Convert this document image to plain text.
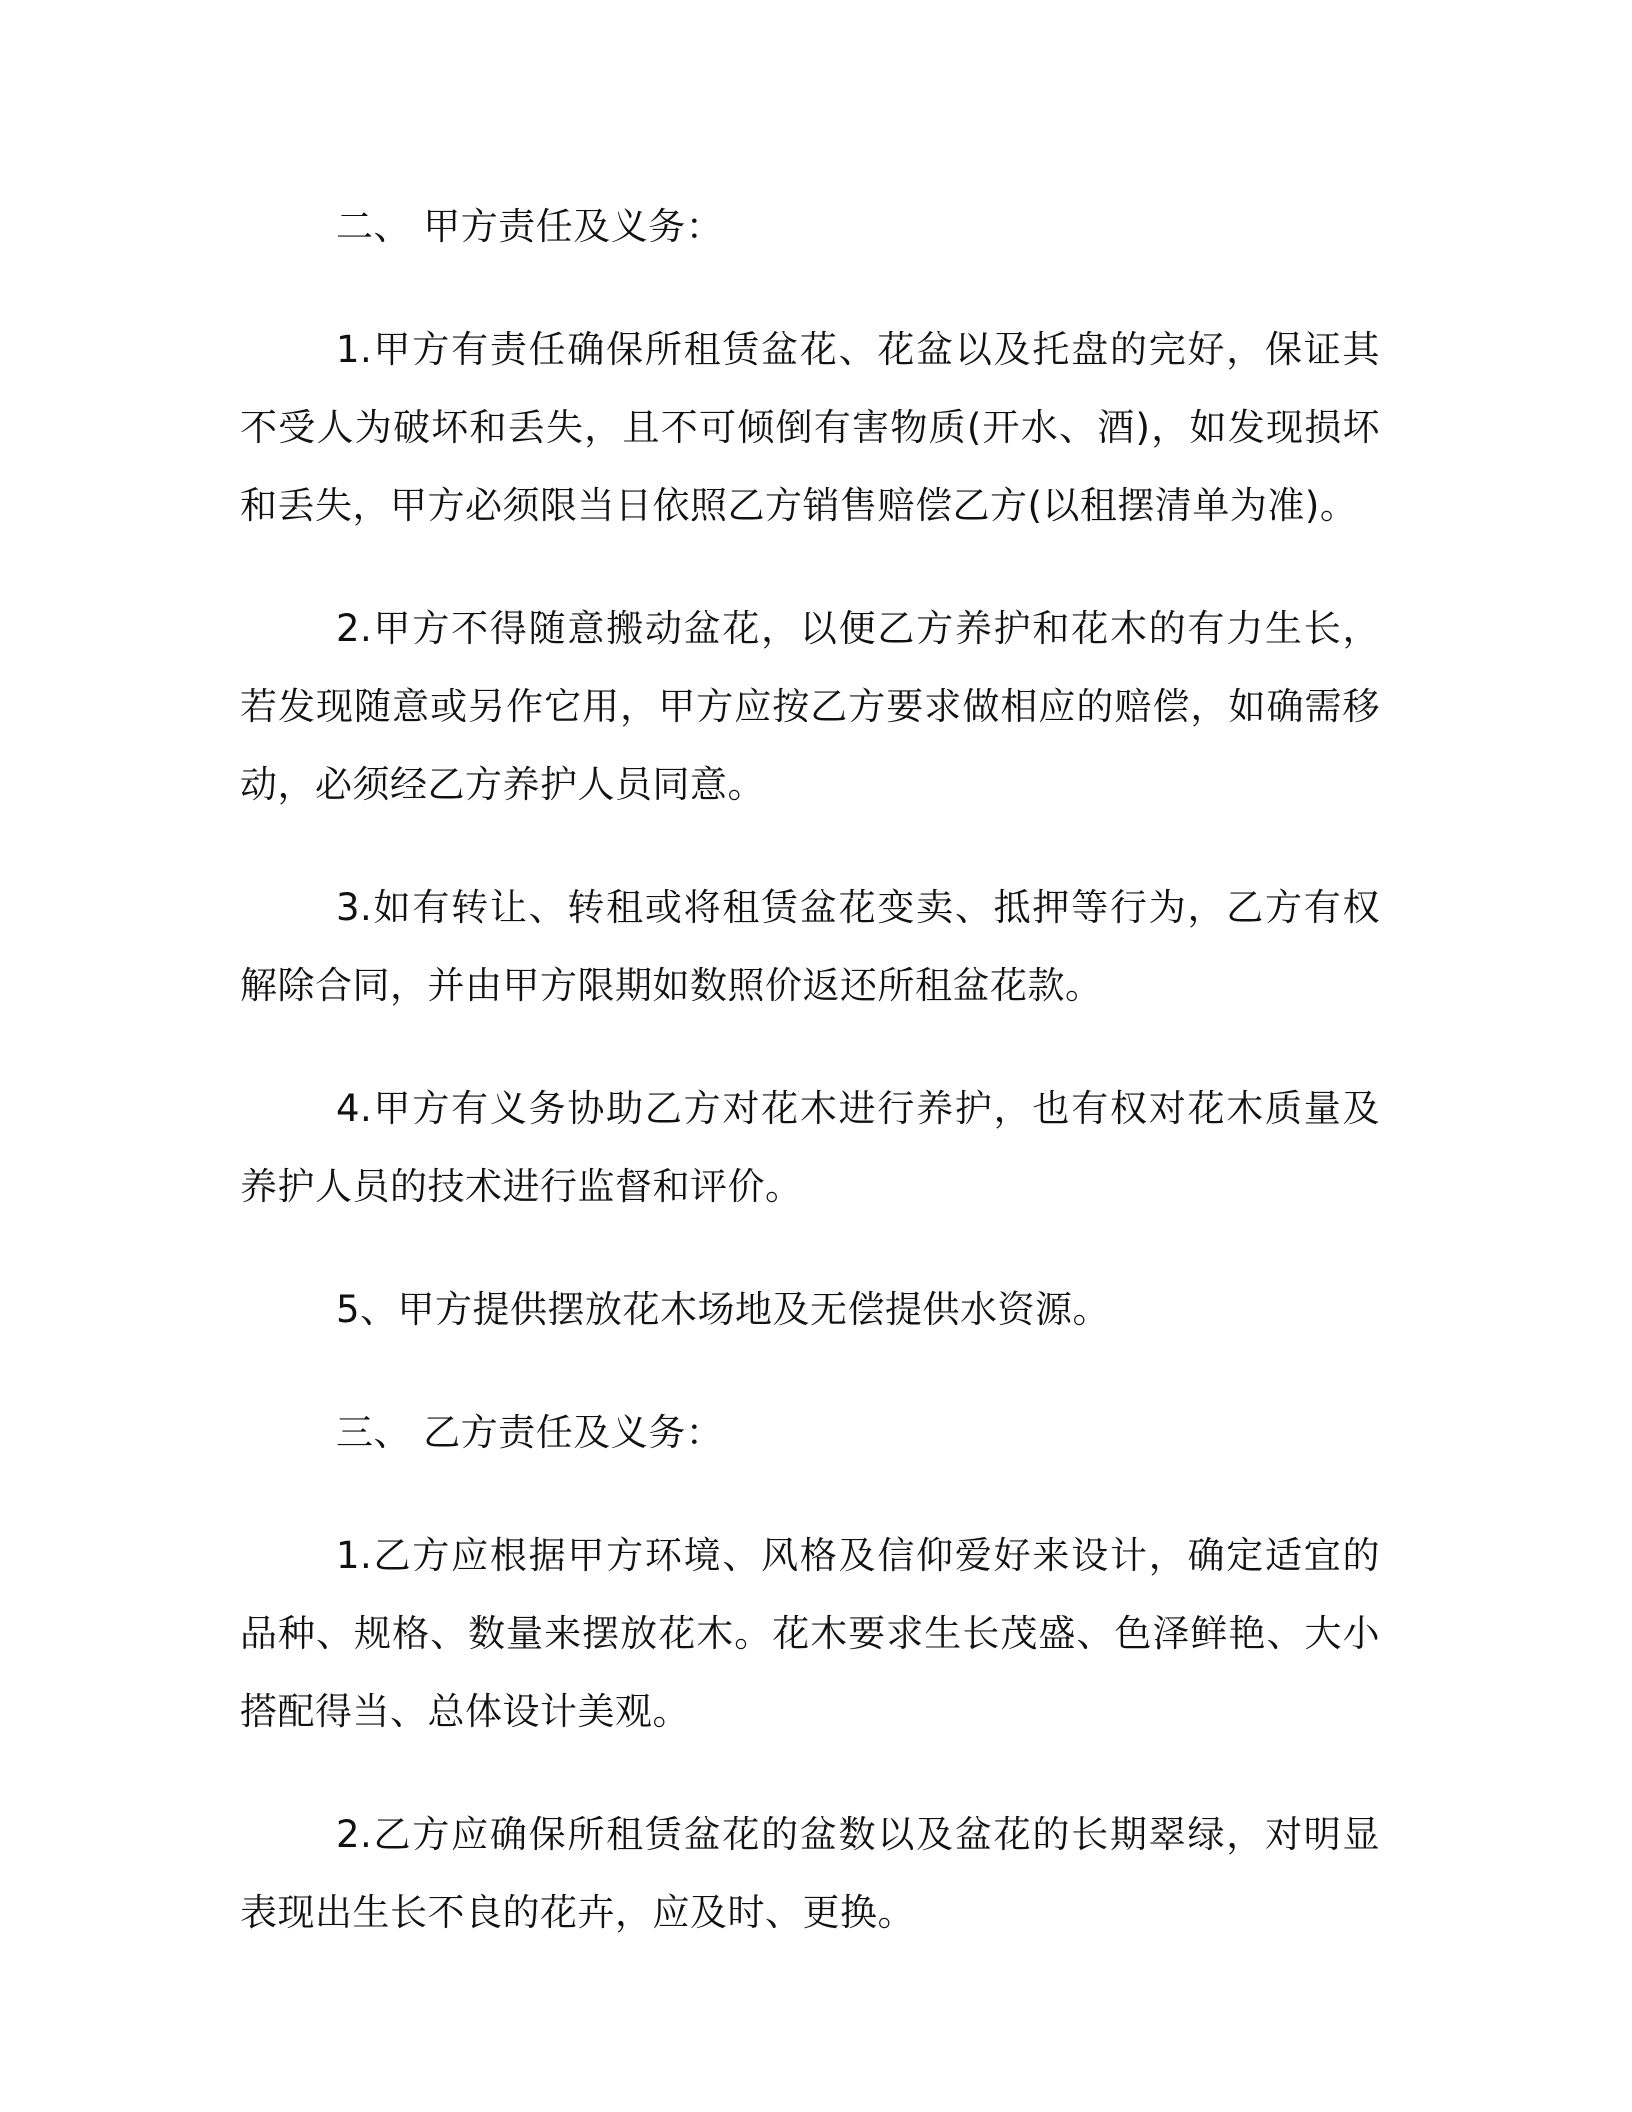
二、 甲方责任及义务：

1.甲方有责任确保所租赁盆花、花盆以及托盘的完好，保证其不受人为破坏和丢失，且不可倾倒有害物质(开水、酒)，如发现损坏和丢失，甲方必须限当日依照乙方销售赔偿乙方(以租摆清单为准)。

2.甲方不得随意搬动盆花，以便乙方养护和花木的有力生长，若发现随意或另作它用，甲方应按乙方要求做相应的赔偿，如确需移动，必须经乙方养护人员同意。

3.如有转让、转租或将租赁盆花变卖、抵押等行为，乙方有权解除合同，并由甲方限期如数照价返还所租盆花款。

4.甲方有义务协助乙方对花木进行养护，也有权对花木质量及养护人员的技术进行监督和评价。

5、甲方提供摆放花木场地及无偿提供水资源。

三、 乙方责任及义务：

1.乙方应根据甲方环境、风格及信仰爱好来设计，确定适宜的品种、规格、数量来摆放花木。花木要求生长茂盛、色泽鲜艳、大小搭配得当、总体设计美观。

2.乙方应确保所租赁盆花的盆数以及盆花的长期翠绿，对明显表现出生长不良的花卉，应及时、更换。
